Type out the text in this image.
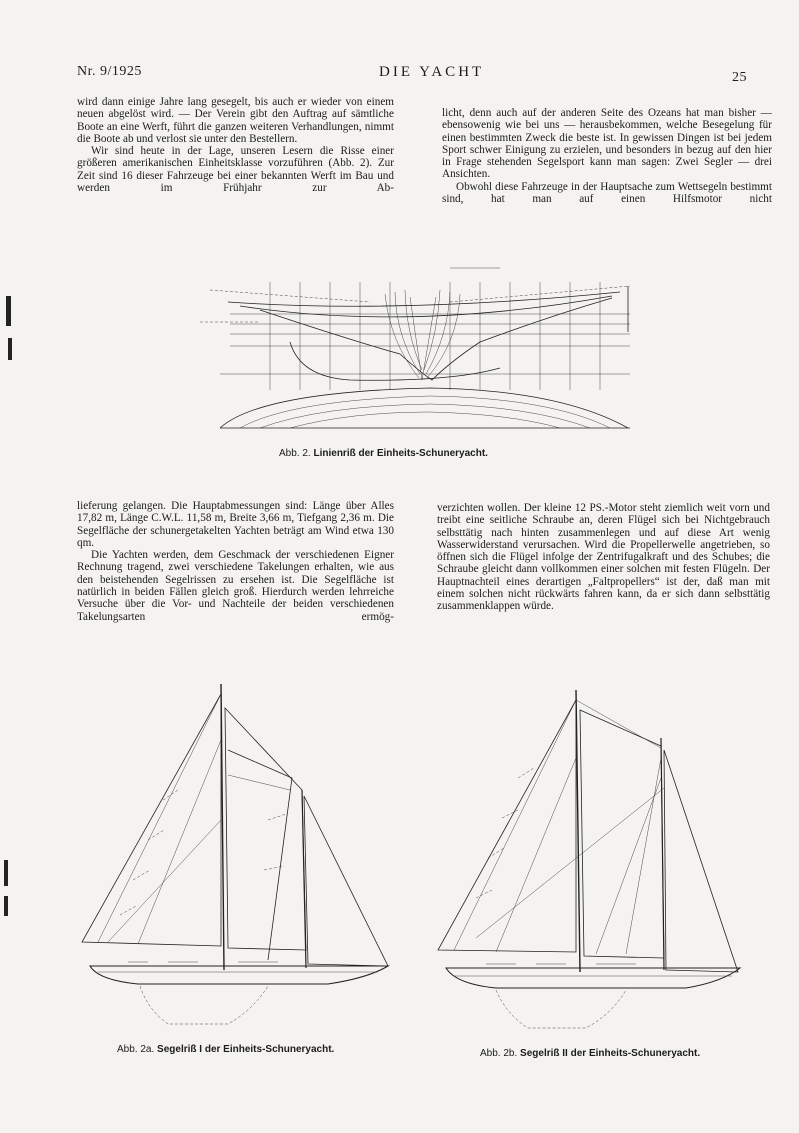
Nr. 9/1925	DIE YACHT	25

wird dann einige Jahre lang gesegelt, bis auch er wieder von einem neuen abgelöst wird. — Der Verein gibt den Auftrag auf sämtliche Boote an eine Werft, führt die ganzen weiteren Verhandlungen, nimmt die Boote ab und verlost sie unter den Bestellern.

Wir sind heute in der Lage, unseren Lesern die Risse einer größeren amerikanischen Einheitsklasse vorzuführen (Abb. 2). Zur Zeit sind 16 dieser Fahrzeuge bei einer bekannten Werft im Bau und werden im Frühjahr zur Ab-

licht, denn auch auf der anderen Seite des Ozeans hat man bisher — ebensowenig wie bei uns — herausbekommen, welche Besegelung für einen bestimmten Zweck die beste ist. In gewissen Dingen ist bei jedem Sport schwer Einigung zu erzielen, und besonders in bezug auf den hier in Frage stehenden Segelsport kann man sagen: Zwei Segler — drei Ansichten.

Obwohl diese Fahrzeuge in der Hauptsache zum Wettsegeln bestimmt sind, hat man auf einen Hilfsmotor nicht

Abb. 2. Linienriß der Einheits-Schuneryacht.

lieferung gelangen. Die Hauptabmessungen sind: Länge über Alles 17,82 m, Länge C.W.L. 11,58 m, Breite 3,66 m, Tiefgang 2,36 m. Die Segelfläche der schunergetakelten Yachten beträgt am Wind etwa 130 qm.

Die Yachten werden, dem Geschmack der verschiedenen Eigner Rechnung tragend, zwei verschiedene Takelungen erhalten, wie aus den beistehenden Segelrissen zu ersehen ist. Die Segelfläche ist natürlich in beiden Fällen gleich groß. Hierdurch werden lehrreiche Versuche über die Vor- und Nachteile der beiden verschiedenen Takelungsarten ermög-

verzichten wollen. Der kleine 12 PS.-Motor steht ziemlich weit vorn und treibt eine seitliche Schraube an, deren Flügel sich bei Nichtgebrauch selbsttätig nach hinten zusammenlegen und auf diese Art wenig Wasserwiderstand verursachen. Wird die Propellerwelle angetrieben, so öffnen sich die Flügel infolge der Zentrifugalkraft und des Schubes; die Schraube gleicht dann vollkommen einer solchen mit festen Flügeln. Der Hauptnachteil eines derartigen „Faltpropellers“ ist der, daß man mit einem solchen nicht rückwärts fahren kann, da er sich dann selbsttätig zusammenklappen würde.

Abb. 2a. Segelriß I der Einheits-Schuneryacht.	Abb. 2b. Segelriß II der Einheits-Schuneryacht.
